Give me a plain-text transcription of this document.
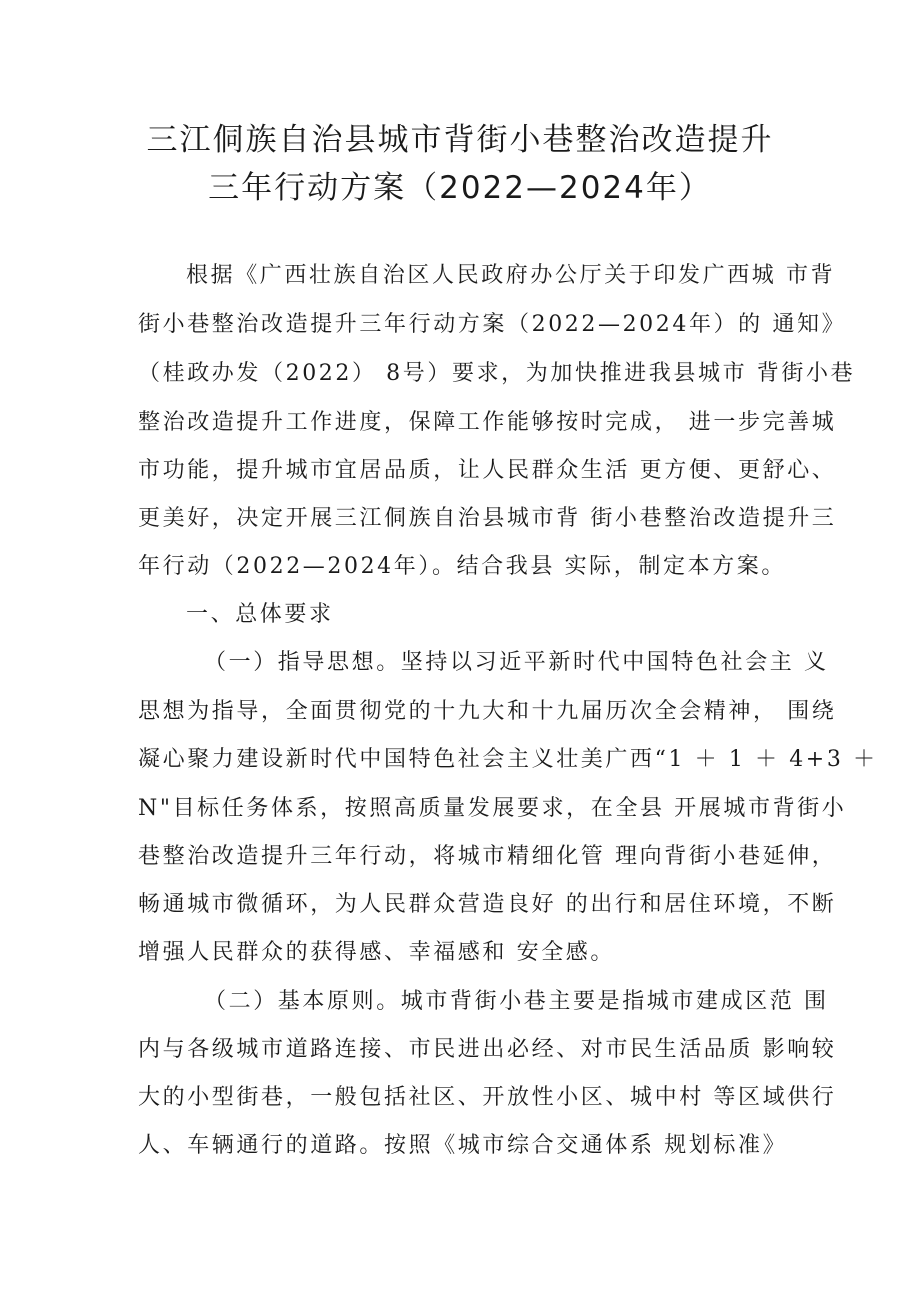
三江侗族自治县城市背街小巷整治改造提升
三年行动方案（2022—2024年）
根据《广西壮族自治区人民政府办公厅关于印发广西城 市背
街小巷整治改造提升三年行动方案（2022—2024年）的 通知》
（桂政办发（2022） 8号）要求，为加快推进我县城市 背街小巷
整治改造提升工作进度，保障工作能够按时完成， 进一步完善城
市功能，提升城市宜居品质，让人民群众生活 更方便、更舒心、
更美好，决定开展三江侗族自治县城市背 街小巷整治改造提升三
年行动（2022—2024年）。结合我县 实际，制定本方案。
一、总体要求
（一）指导思想。坚持以习近平新时代中国特色社会主 义
思想为指导，全面贯彻党的十九大和十九届历次全会精神， 围绕
凝心聚力建设新时代中国特色社会主义壮美广西“1 ＋ 1 ＋ 4+3 ＋
N"目标任务体系，按照高质量发展要求，在全县 开展城市背街小
巷整治改造提升三年行动，将城市精细化管 理向背街小巷延伸，
畅通城市微循环，为人民群众营造良好 的出行和居住环境，不断
增强人民群众的获得感、幸福感和 安全感。
（二）基本原则。城市背街小巷主要是指城市建成区范 围
内与各级城市道路连接、市民进出必经、对市民生活品质 影响较
大的小型街巷，一般包括社区、开放性小区、城中村 等区域供行
人、车辆通行的道路。按照《城市综合交通体系 规划标准》
